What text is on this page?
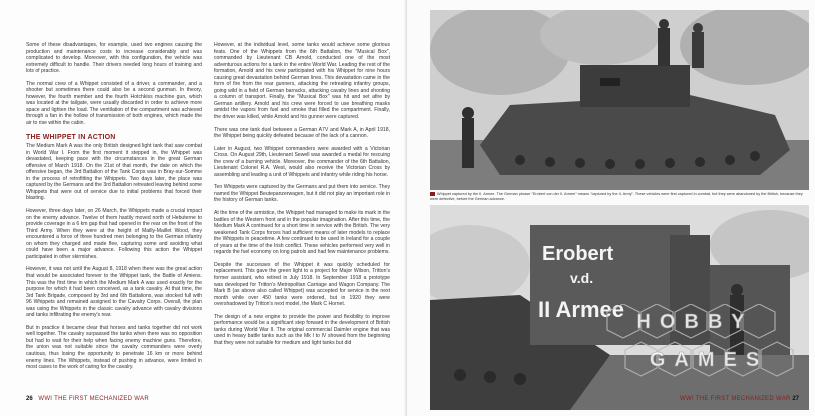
Some of these disadvantages, for example, used two engines causing the production and maintenance costs to increase considerably and was complicated to develop. Moreover, with this configuration, the vehicle was extremely difficult to handle. Their drivers needed long hours of training and lots of practice.

The normal crew of a Whippet consisted of a driver, a commander, and a shooter but sometimes there could also be a second gunman. In theory, however, the fourth member and the fourth Hotchkiss machine gun, which was located at the tailgate, were usually discarded in order to achieve more space and lighten the load. The ventilation of the compartment was achieved through a fan in the hollow of transmission of both engines, which made the air to rise within the cabin.

THE WHIPPET IN ACTION

The Medium Mark A was the only British designed light tank that saw combat in World War I. From the first moment it stepped in, the Whippet was devastated, keeping pace with the circumstances in the great German offensive of March 1918. On the 21st of that month, the date on which the offensive began, the 3rd Battalion of the Tank Corps was in Bray-sur-Somme in the process of retrofitting the Whippets. Two days later, the place was captured by the Germans and the 3rd Battalion retreated leaving behind some Whippets that were out of service due to initial problems that forced their blasting.

However, three days later, on 26 March, the Whippets made a crucial impact on the enemy advance. Twelve of them hastily moved north of Hebuterne to provide coverage in a 6 km gap that had opened in the rear on the front of the Third Army. When they were at the height of Mailly-Maillet Wood, they encountered a force of three hundred men belonging to the German infantry on whom they charged and made flee, capturing some and avoiding what could have been a major advance. Following this action the Whippet participated in other skirmishes.

However, it was not until the August 8, 1918 when there was the great action that would be associated forever to the Whippet tank, the Battle of Amiens. This was the first time in which the Medium Mark A was used exactly for the purpose for which it had been conceived, as a tank cavalry. At that time, the 3rd Tank Brigade, composed by 3rd and 6th Battalions, was stocked full with 96 Whippets and remained assigned to the Cavalry Corps. Overall, the plan was using the Whippets in the classic cavalry advance with cavalry divisions and tanks infiltrating the enemy's rear.

But in practice it became clear that horses and tanks together did not work well together. The cavalry surpassed the tanks when there was no opposition but had to wait for their help when facing enemy machine guns. Therefore, the union was not suitable since the cavalry commanders were overly cautious, thus losing the opportunity to penetrate 16 km or more behind enemy lines. The Whippets, instead of pushing in advance, were limited in most cases to the work of caring for the cavalry.

However, at the individual level, some tanks would achieve some glorious feats. One of the Whippets from the 6th Battalion, the "Musical Box", commanded by Lieutenant CB Arnold, conducted one of the most adventurous actions for a tank in the entire World War. Leading the rest of the formation, Arnold and his crew participated with his Whippet for nine hours causing great devastation behind German lines. This devastation came in the form of fire from the rear gunners, attacking the retreating infantry groups, going wild in a field of German barracks, attacking cavalry lines and shooting a column of transport. Finally, the "Musical Box" was hit and set afire by German artillery. Arnold and his crew were forced to use breathing masks amidst the vapors from fuel and smoke that filled the compartment. Finally, the driver was killed, while Arnold and his gunner were captured.

There was one tank duel between a German A7V and Mark A, in April 1918, the Whippet being quickly defeated because of the lack of a cannon.

Later in August, two Whippet commanders were awarded with a Victorian Cross. On August 29th, Lieutenant Sewell was awarded a medal for rescuing the crew of a burning vehicle. Moreover, the commander of the 6th Battalion, Lieutenant Colonel R.A. West, would also receive the Victorian Cross by assembling and leading a unit of Whippets and infantry while riding his horse.

Ten Whippets were captured by the Germans and put them into service. They named the Whippet Beutepanzerwagen, but it did not play an important role in the history of German tanks.

At the time of the armistice, the Whippet had managed to make its mark in the battles of the Western front and in the popular imagination. After this time, the Medium Mark A continued for a short time in service with the British. The very weakened Tank Corps forces had sufficient means of later models to replace the Whippets in peacetime. A few continued to be used in Ireland for a couple of years at the time of the Irish conflict. These vehicles performed very well in regards the fuel economy on long patrols and had few maintenance problems.

Despite the successes of the Whippet it was quickly scheduled for replacement. This gave the green light to a project for Major Wilson, Tritton's former assistant, who retired in July 1918. In September 1918 a prototype was developed for Tritton's Metropolitan Carriage and Wagon Company. The Mark B (as above also called Whippet) was accepted for service in the next month while over 450 tanks were ordered, but in 1920 they were overshadowed by Tritton's next model, the Mark C Hornet.

The design of a new engine to provide the power and flexibility to improve performance would be a significant step forward in the development of British tanks during World War II. The original commercial Daimler engine that was used in heavy battle tanks such as the Mk I to IV showed from the beginning that they were not suitable for medium and light tanks but did

26 WWI THE FIRST MECHANIZED WAR
Whippet captured by the II. Armee. The German phrase "Erobert von der II. Armee" means "captured by the II. Army". These vehicles were first captured in combat, but they were abandoned by the British, because they were defective, before the German advance.
Erobert
v.d.
II Armee HOBBY
GAMES
WWI THE FIRST MECHANIZED WAR 27
